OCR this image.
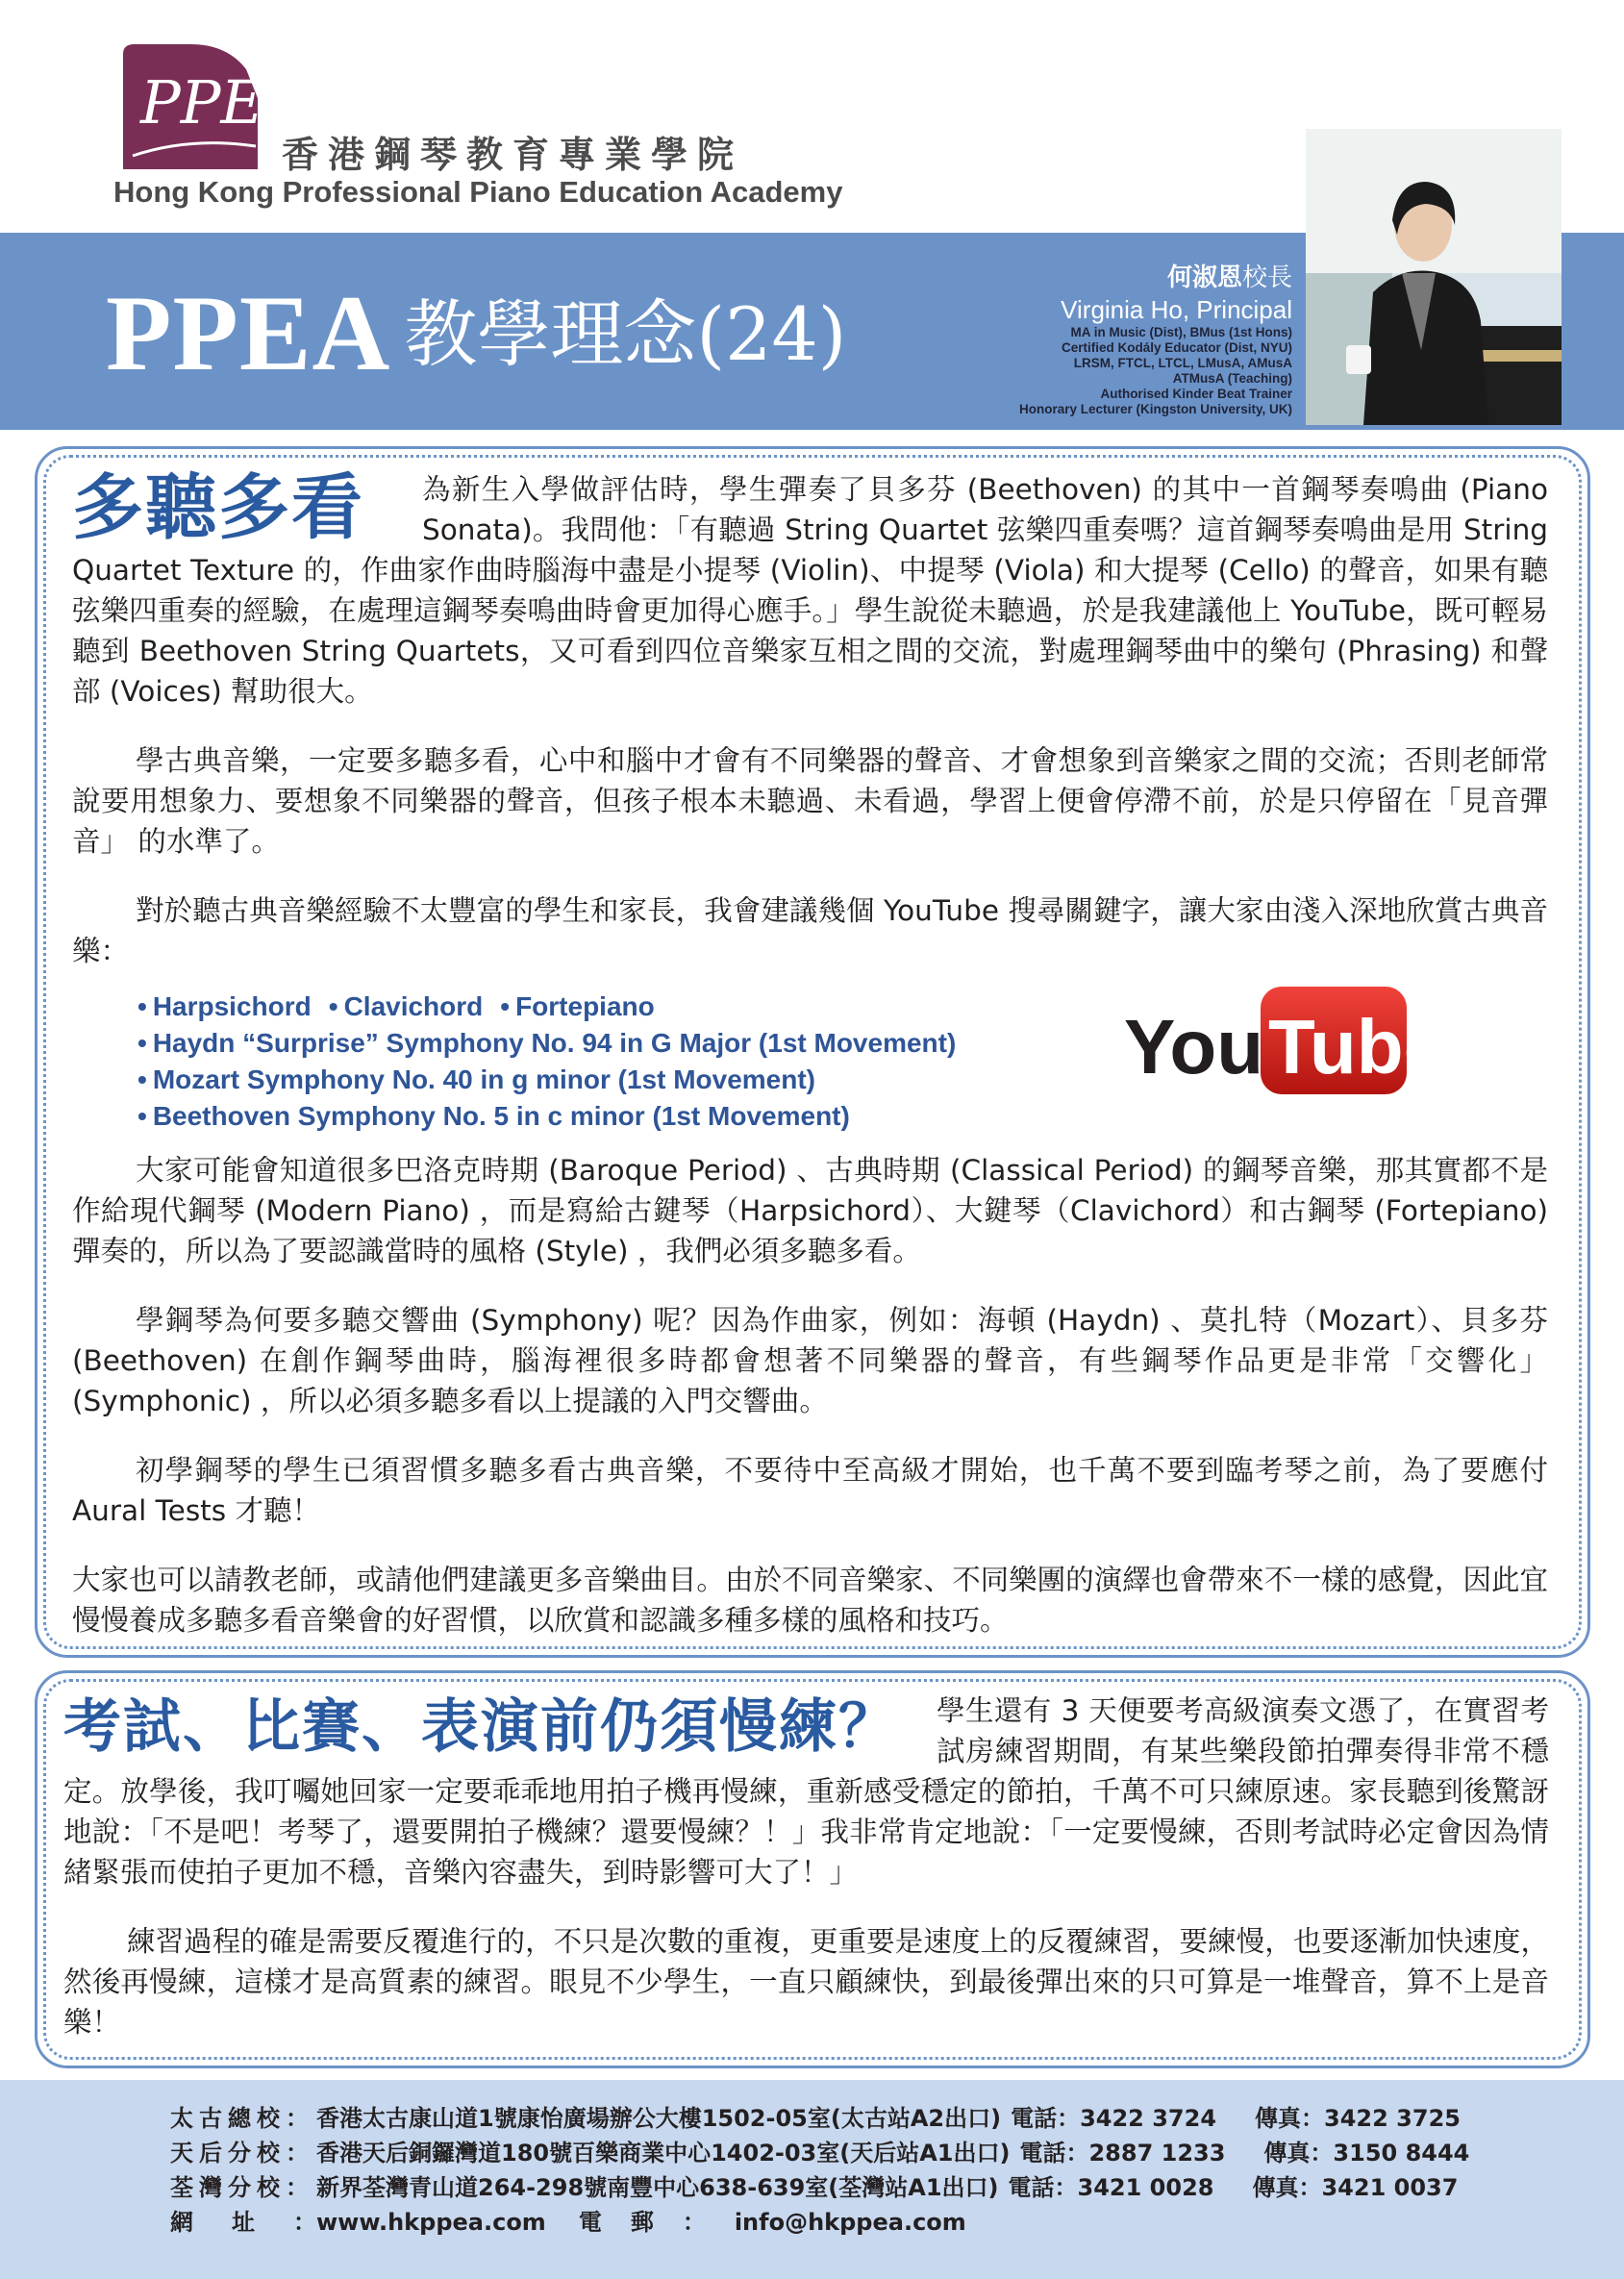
PPEA
香港鋼琴教育專業學院
Hong Kong Professional Piano Education Academy
PPEA 教學理念(24)
何淑恩校長
Virginia Ho, Principal
MA in Music (Dist), BMus (1st Hons)
Certified Kodály Educator (Dist, NYU)
LRSM, FTCL, LTCL, LMusA, AMusA
ATMusA (Teaching)
Authorised Kinder Beat Trainer
Honorary Lecturer (Kingston University, UK)

多聽多看 為新生入學做評估時，學生彈奏了貝多芬 (Beethoven) 的其中一首鋼琴奏鳴曲 (Piano Sonata)。我問他：「有聽過 String Quartet 弦樂四重奏嗎？這首鋼琴奏鳴曲是用 String Quartet Texture 的，作曲家作曲時腦海中盡是小提琴 (Violin)、中提琴 (Viola) 和大提琴 (Cello) 的聲音，如果有聽弦樂四重奏的經驗，在處理這鋼琴奏鳴曲時會更加得心應手。」學生說從未聽過，於是我建議他上 YouTube，既可輕易聽到 Beethoven String Quartets，又可看到四位音樂家互相之間的交流，對處理鋼琴曲中的樂句 (Phrasing) 和聲部 (Voices) 幫助很大。

學古典音樂，一定要多聽多看，心中和腦中才會有不同樂器的聲音、才會想象到音樂家之間的交流；否則老師常說要用想象力、要想象不同樂器的聲音，但孩子根本未聽過、未看過，學習上便會停滯不前，於是只停留在「見音彈音」 的水準了。

對於聽古典音樂經驗不太豐富的學生和家長，我會建議幾個 YouTube 搜尋關鍵字，讓大家由淺入深地欣賞古典音樂：

• Harpsichord • Clavichord • Fortepiano
• Haydn “Surprise” Symphony No. 94 in G Major (1st Movement)
• Mozart Symphony No. 40 in g minor (1st Movement)
• Beethoven Symphony No. 5 in c minor (1st Movement)

大家可能會知道很多巴洛克時期 (Baroque Period) 、古典時期 (Classical Period) 的鋼琴音樂，那其實都不是作給現代鋼琴 (Modern Piano) ，而是寫給古鍵琴（Harpsichord）、大鍵琴（Clavichord）和古鋼琴 (Fortepiano) 彈奏的，所以為了要認識當時的風格 (Style) ，我們必須多聽多看。

學鋼琴為何要多聽交響曲 (Symphony) 呢？因為作曲家，例如：海頓 (Haydn) 、莫扎特（Mozart）、貝多芬 (Beethoven) 在創作鋼琴曲時，腦海裡很多時都會想著不同樂器的聲音，有些鋼琴作品更是非常「交響化」(Symphonic) ，所以必須多聽多看以上提議的入門交響曲。

初學鋼琴的學生已須習慣多聽多看古典音樂，不要待中至高級才開始，也千萬不要到臨考琴之前，為了要應付 Aural Tests 才聽！

大家也可以請教老師，或請他們建議更多音樂曲目。由於不同音樂家、不同樂團的演繹也會帶來不一樣的感覺，因此宜慢慢養成多聽多看音樂會的好習慣，以欣賞和認識多種多樣的風格和技巧。

You Tube

考試、比賽、表演前仍須慢練？ 學生還有 3 天便要考高級演奏文憑了，在實習考試房練習期間，有某些樂段節拍彈奏得非常不穩定。放學後，我叮囑她回家一定要乖乖地用拍子機再慢練，重新感受穩定的節拍，千萬不可只練原速。家長聽到後驚訝地說：「不是吧！考琴了，還要開拍子機練？還要慢練？！」我非常肯定地說：「一定要慢練，否則考試時必定會因為情緒緊張而使拍子更加不穩，音樂內容盡失，到時影響可大了！」

練習過程的確是需要反覆進行的，不只是次數的重複，更重要是速度上的反覆練習，要練慢，也要逐漸加快速度，然後再慢練，這樣才是高質素的練習。眼見不少學生，一直只顧練快，到最後彈出來的只可算是一堆聲音，算不上是音樂！

太古總校：香港太古康山道1號康怡廣場辦公大樓1502-05室(太古站A2出口) 電話：3422 3724 傳真：3422 3725
天后分校：香港天后銅鑼灣道180號百樂商業中心1402-03室(天后站A1出口) 電話：2887 1233 傳真：3150 8444
荃灣分校：新界荃灣青山道264-298號南豐中心638-639室(荃灣站A1出口) 電話：3421 0028 傳真：3421 0037
網址：www.hkppea.com 電郵：info@hkppea.com
